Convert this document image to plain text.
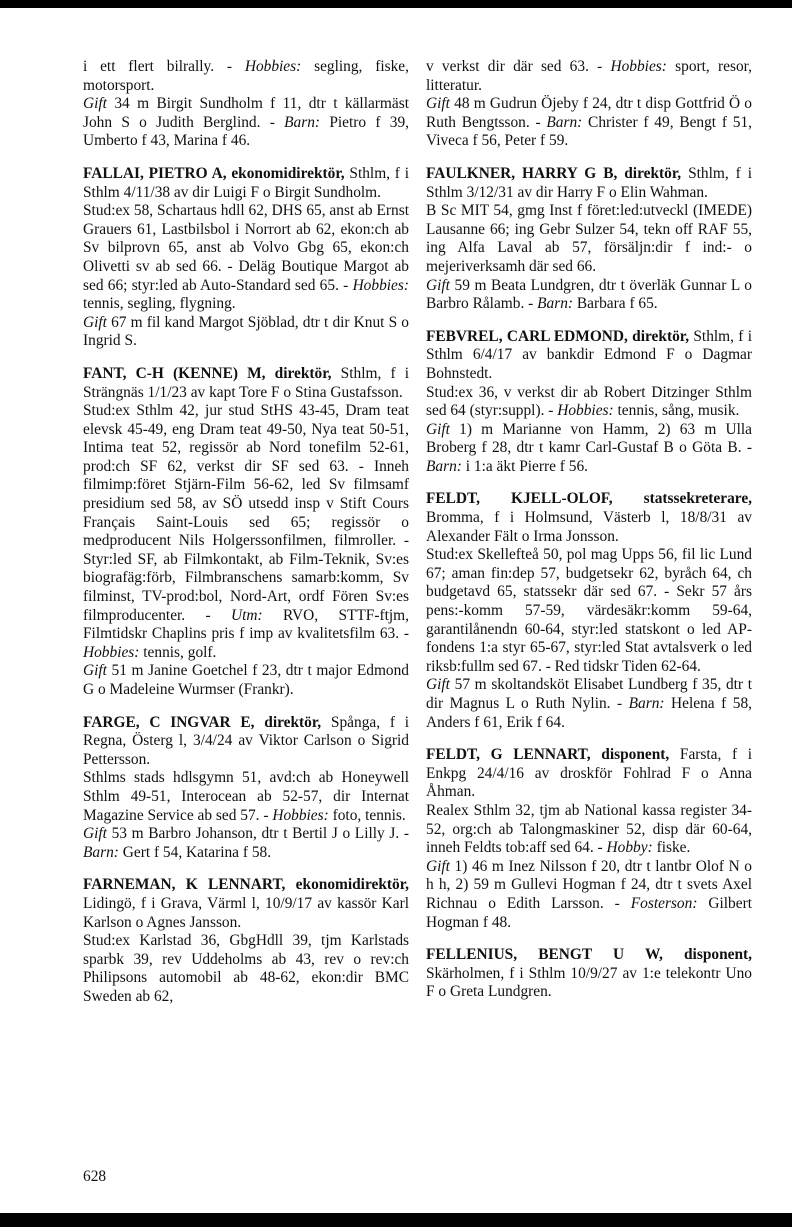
i ett flert bilrally. - Hobbies: segling, fiske, motorsport.

Gift 34 m Birgit Sundholm f 11, dtr t källarmäst John S o Judith Berglind. - Barn: Pietro f 39, Umberto f 43, Marina f 46.

FALLAI, PIETRO A, ekonomidirektör, Sthlm, f i Sthlm 4/11/38 av dir Luigi F o Birgit Sundholm.

Stud:ex 58, Schartaus hdll 62, DHS 65, anst ab Ernst Grauers 61, Lastbilsbol i Norrort ab 62, ekon:ch ab Sv bilprovn 65, anst ab Volvo Gbg 65, ekon:ch Olivetti sv ab sed 66. - Deläg Boutique Margot ab sed 66; styr:led ab Auto-Standard sed 65. - Hobbies: tennis, segling, flygning.

Gift 67 m fil kand Margot Sjöblad, dtr t dir Knut S o Ingrid S.

FANT, C-H (KENNE) M, direktör, Sthlm, f i Strängnäs 1/1/23 av kapt Tore F o Stina Gustafsson.

Stud:ex Sthlm 42, jur stud StHS 43-45, Dram teat elevsk 45-49, eng Dram teat 49-50, Nya teat 50-51, Intima teat 52, regissör ab Nord tonefilm 52-61, prod:ch SF 62, verkst dir SF sed 63. - Inneh filmimp:föret Stjärn-Film 56-62, led Sv filmsamf presidium sed 58, av SÖ utsedd insp v Stift Cours Français Saint-Louis sed 65; regissör o medproducent Nils Holgerssonfilmen, filmroller. - Styr:led SF, ab Filmkontakt, ab Film-Teknik, Sv:es biografäg:förb, Filmbranschens samarb:komm, Sv filminst, TV-prod:bol, Nord-Art, ordf Fören Sv:es filmproducenter. - Utm: RVO, STTF-ftjm, Filmtidskr Chaplins pris f imp av kvalitetsfilm 63. - Hobbies: tennis, golf.

Gift 51 m Janine Goetchel f 23, dtr t major Edmond G o Madeleine Wurmser (Frankr).

FARGE, C INGVAR E, direktör, Spånga, f i Regna, Österg l, 3/4/24 av Viktor Carlson o Sigrid Pettersson.

Sthlms stads hdlsgymn 51, avd:ch ab Honeywell Sthlm 49-51, Interocean ab 52-57, dir Internat Magazine Service ab sed 57. - Hobbies: foto, tennis.

Gift 53 m Barbro Johanson, dtr t Bertil J o Lilly J. - Barn: Gert f 54, Katarina f 58.

FARNEMAN, K LENNART, ekonomidirektör, Lidingö, f i Grava, Värml l, 10/9/17 av kassör Karl Karlson o Agnes Jansson.

Stud:ex Karlstad 36, GbgHdll 39, tjm Karlstads sparbk 39, rev Uddeholms ab 43, rev o rev:ch Philipsons automobil ab 48-62, ekon:dir BMC Sweden ab 62,

v verkst dir där sed 63. - Hobbies: sport, resor, litteratur.

Gift 48 m Gudrun Öjeby f 24, dtr t disp Gottfrid Ö o Ruth Bengtsson. - Barn: Christer f 49, Bengt f 51, Viveca f 56, Peter f 59.

FAULKNER, HARRY G B, direktör, Sthlm, f i Sthlm 3/12/31 av dir Harry F o Elin Wahman.

B Sc MIT 54, gmg Inst f föret:led:utveckl (IMEDE) Lausanne 66; ing Gebr Sulzer 54, tekn off RAF 55, ing Alfa Laval ab 57, försäljn:dir f ind:- o mejeriverksamh där sed 66.

Gift 59 m Beata Lundgren, dtr t överläk Gunnar L o Barbro Rålamb. - Barn: Barbara f 65.

FEBVREL, CARL EDMOND, direktör, Sthlm, f i Sthlm 6/4/17 av bankdir Edmond F o Dagmar Bohnstedt.

Stud:ex 36, v verkst dir ab Robert Ditzinger Sthlm sed 64 (styr:suppl). - Hobbies: tennis, sång, musik.

Gift 1) m Marianne von Hamm, 2) 63 m Ulla Broberg f 28, dtr t kamr Carl-Gustaf B o Göta B. - Barn: i 1:a äkt Pierre f 56.

FELDT, KJELL-OLOF, statssekreterare, Bromma, f i Holmsund, Västerb l, 18/8/31 av Alexander Fält o Irma Jonsson.

Stud:ex Skellefteå 50, pol mag Upps 56, fil lic Lund 67; aman fin:dep 57, budgetsekr 62, byråch 64, ch budgetavd 65, statssekr där sed 67. - Sekr 57 års pens:-komm 57-59, värdesäkr:komm 59-64, garantilånendn 60-64, styr:led statskont o led AP-fondens 1:a styr 65-67, styr:led Stat avtalsverk o led riksb:fullm sed 67. - Red tidskr Tiden 62-64.

Gift 57 m skoltandsköt Elisabet Lundberg f 35, dtr t dir Magnus L o Ruth Nylin. - Barn: Helena f 58, Anders f 61, Erik f 64.

FELDT, G LENNART, disponent, Farsta, f i Enkpg 24/4/16 av droskför Fohlrad F o Anna Åhman.

Realex Sthlm 32, tjm ab National kassa register 34-52, org:ch ab Talongmaskiner 52, disp där 60-64, inneh Feldts tob:aff sed 64. - Hobby: fiske.

Gift 1) 46 m Inez Nilsson f 20, dtr t lantbr Olof N o h h, 2) 59 m Gullevi Hogman f 24, dtr t svets Axel Richnau o Edith Larsson. - Fosterson: Gilbert Hogman f 48.

FELLENIUS, BENGT U W, disponent, Skärholmen, f i Sthlm 10/9/27 av 1:e telekontr Uno F o Greta Lundgren.

628
